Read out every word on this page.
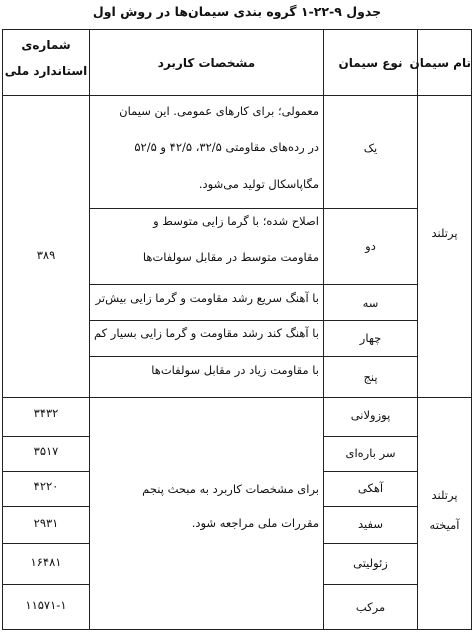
جدول ۹-۲۲-۱ گروه بندی سیمان‌ها در روش اول
نام سیمان
نوع سیمان
مشخصات کاربرد
شماره‌ی
استاندارد ملی
پرتلند
۳۸۹
یک
معمولی؛ برای کارهای عمومی. این سیمان
در رده‌های مقاومتی ۳۲/۵، ۴۲/۵ و ۵۲/۵
مگاپاسکال تولید می‌شود.
دو
اصلاح شده؛ با گرما زایی متوسط و
مقاومت متوسط در مقابل سولفات‌ها
سه
با آهنگ سریع رشد مقاومت و گرما زایی بیش‌تر
چهار
با آهنگ کند رشد مقاومت و گرما زایی بسیار کم
پنج
با مقاومت زیاد در مقابل سولفات‌ها
پرتلند
آمیخته
برای مشخصات کاربرد به مبحث پنجم
مقررات ملی مراجعه شود.
پوزولانی
سر باره‌ای
آهکی
سفید
زئولیتی
مرکب
۳۴۳۲
۳۵۱۷
۴۲۲۰
۲۹۳۱
۱۶۴۸۱
۱۱۵۷۱-۱
